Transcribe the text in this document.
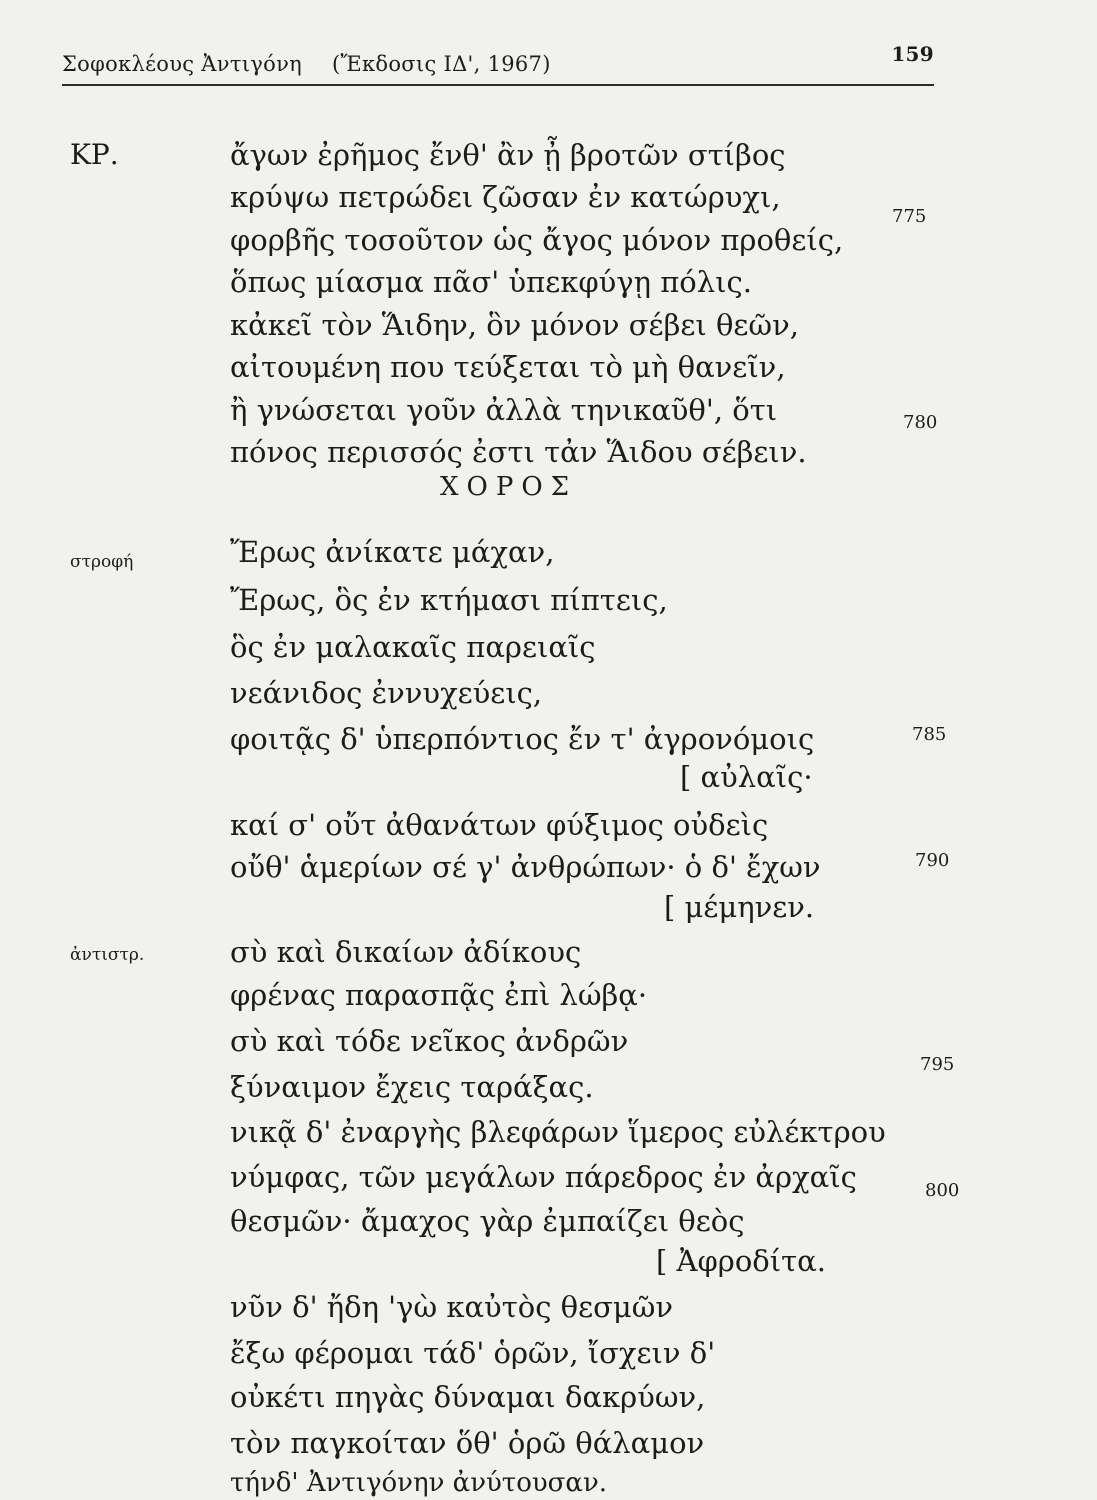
Σοφοκλέους Ἀντιγόνη (Ἔκδοσις ΙΔ', 1967)	159
ΚΡ.	ἄγων ἐρῆμος ἔνθ' ἂν ᾖ βροτῶν στίβος
κρύψω πετρώδει ζῶσαν ἐν κατώρυχι,
φορβῆς τοσοῦτον ὡς ἄγος μόνον προθείς,
ὅπως μίασμα πᾶσ' ὑπεκφύγῃ πόλις.
κἀκεῖ τὸν Ἅιδην, ὃν μόνον σέβει θεῶν,
αἰτουμένη που τεύξεται τὸ μὴ θανεῖν,
ἢ γνώσεται γοῦν ἀλλὰ τηνικαῦθ', ὅτι
πόνος περισσός ἐστι τἀν Ἅιδου σέβειν.
ΧΟΡΟΣ
στροφή	Ἔρως ἀνίκατε μάχαν,
Ἔρως, ὃς ἐν κτήμασι πίπτεις,
ὃς ἐν μαλακαῖς παρειαῖς
νεάνιδος ἐννυχεύεις,
φοιτᾷς δ' ὑπερπόντιος ἔν τ' ἀγρονόμοις
[ αὐλαῖς·
καί σ' οὔτ ἀθανάτων φύξιμος οὐδεὶς
οὔθ' ἁμερίων σέ γ' ἀνθρώπων· ὁ δ' ἔχων
[ μέμηνεν.
ἀντιστρ.	σὺ καὶ δικαίων ἀδίκους
φρένας παρασπᾷς ἐπὶ λώβᾳ·
σὺ καὶ τόδε νεῖκος ἀνδρῶν
ξύναιμον ἔχεις ταράξας.
νικᾷ δ' ἐναργὴς βλεφάρων ἵμερος εὐλέκτρου
νύμφας, τῶν μεγάλων πάρεδρος ἐν ἀρχαῖς
θεσμῶν· ἄμαχος γὰρ ἐμπαίζει θεὸς
[ Ἀφροδίτα.
νῦν δ' ἤδη 'γὼ καὐτὸς θεσμῶν
ἔξω φέρομαι τάδ' ὁρῶν, ἴσχειν δ'
οὐκέτι πηγὰς δύναμαι δακρύων,
τὸν παγκοίταν ὅθ' ὁρῶ θάλαμον
τήνδ' Ἀντιγόνην ἀνύτουσαν.
775
780
785
790
795
800
